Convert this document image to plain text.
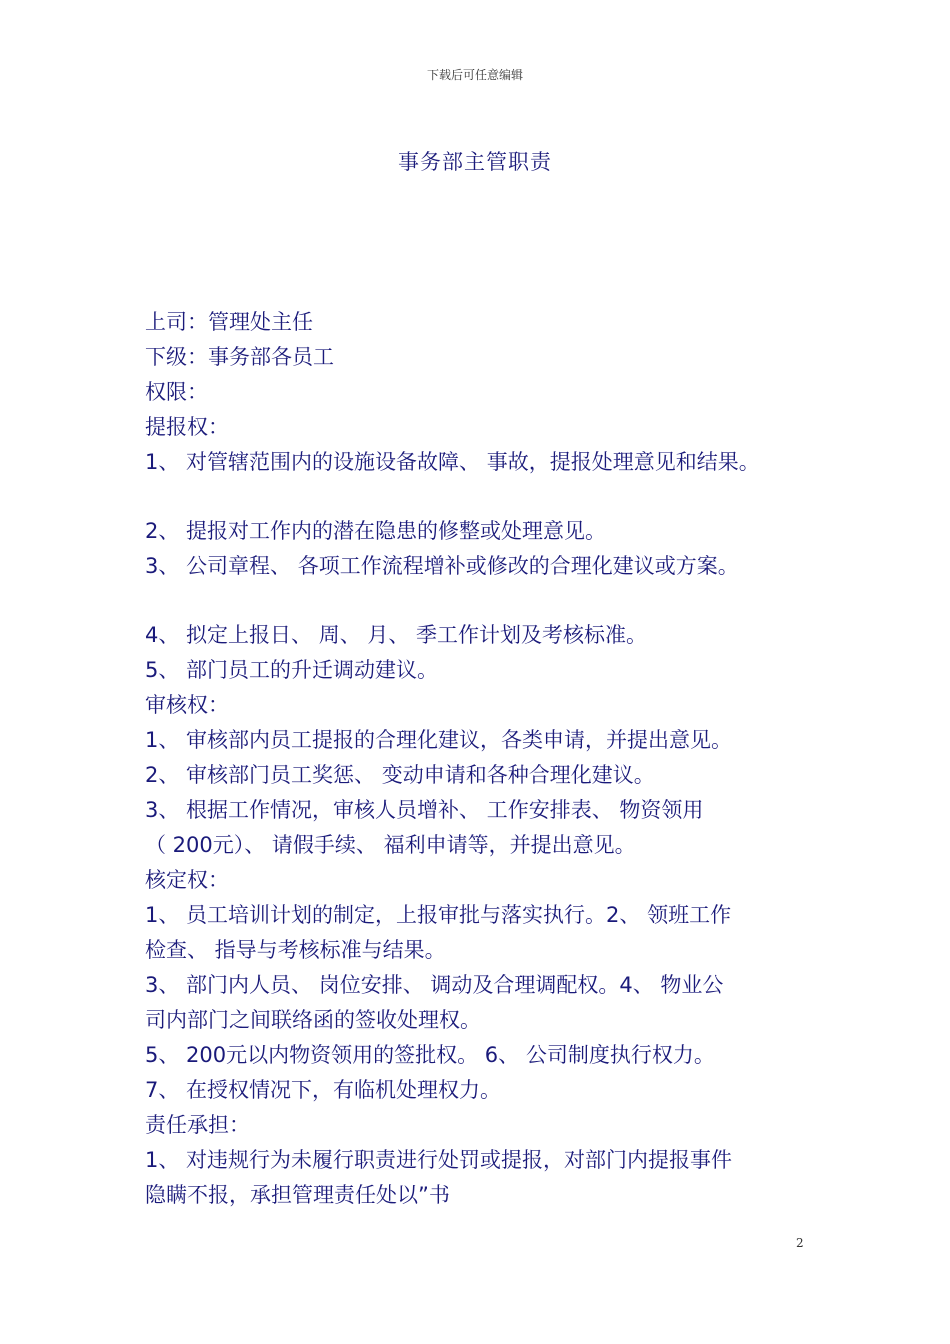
下载后可任意编辑
事务部主管职责
上司：管理处主任
下级：事务部各员工
权限：
提报权：
1、 对管辖范围内的设施设备故障、 事故，提报处理意见和结果。
2、 提报对工作内的潜在隐患的修整或处理意见。
3、 公司章程、 各项工作流程增补或修改的合理化建议或方案。
4、 拟定上报日、 周、 月、 季工作计划及考核标准。
5、 部门员工的升迁调动建议。
审核权：
1、 审核部内员工提报的合理化建议，各类申请，并提出意见。
2、 审核部门员工奖惩、 变动申请和各种合理化建议。
3、 根据工作情况，审核人员增补、 工作安排表、 物资领用
（ 200元）、 请假手续、 福利申请等，并提出意见。
核定权：
1、 员工培训计划的制定，上报审批与落实执行。2、 领班工作
检查、 指导与考核标准与结果。
3、 部门内人员、 岗位安排、 调动及合理调配权。4、 物业公
司内部门之间联络函的签收处理权。
5、 200元以内物资领用的签批权。 6、 公司制度执行权力。
7、 在授权情况下，有临机处理权力。
责任承担：
1、 对违规行为未履行职责进行处罚或提报，对部门内提报事件
隐瞒不报，承担管理责任处以”书
2
